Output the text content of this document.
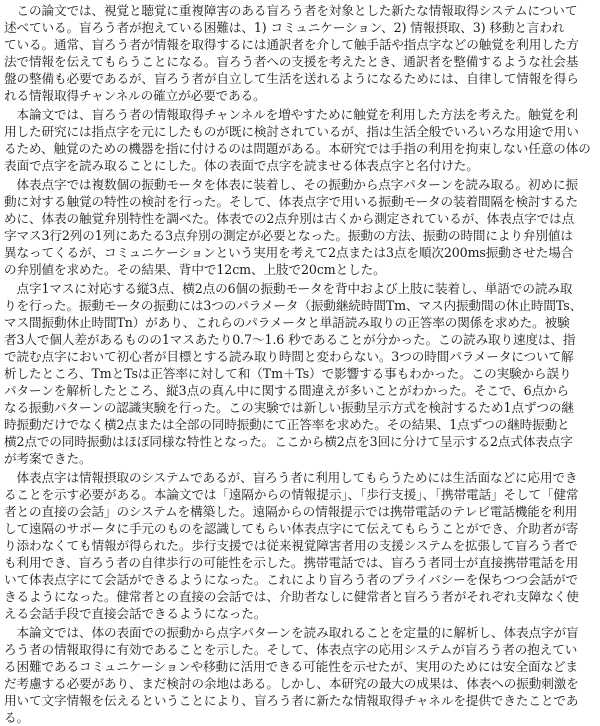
　この論文では、視覚と聴覚に重複障害のある盲ろう者を対象とした新たな情報取得システムについて
述べている。盲ろう者が抱えている困難は、1) コミュニケーション、2) 情報摂取、3) 移動と言われ
ている。通常、盲ろう者が情報を取得するには通訳者を介して触手話や指点字などの触覚を利用した方
法で情報を伝えてもらうことになる。盲ろう者への支援を考えたとき、通訳者を整備するような社会基
盤の整備も必要であるが、盲ろう者が自立して生活を送れるようになるためには、自律して情報を得ら
れる情報取得チャンネルの確立が必要である。
　本論文では、盲ろう者の情報取得チャンネルを増やすために触覚を利用した方法を考えた。触覚を利
用した研究には指点字を元にしたものが既に検討されているが、指は生活全般でいろいろな用途で用い
るため、触覚のための機器を指に付けるのは問題がある。本研究では手指の利用を拘束しない任意の体の
表面で点字を読み取ることにした。体の表面で点字を読ませる体表点字と名付けた。
　体表点字では複数個の振動モータを体表に装着し、その振動から点字パターンを読み取る。初めに振
動に対する触覚の特性の検討を行った。そして、体表点字で用いる振動モータの装着間隔を検討するた
めに、体表の触覚弁別特性を調べた。体表での2点弁別は古くから測定されているが、体表点字では点
字マス3行2列の1列にあたる3点弁別の測定が必要となった。振動の方法、振動の時間により弁別値は
異なってくるが、コミュニケーションという実用を考えて2点または3点を順次200ms振動させた場合
の弁別値を求めた。その結果、背中で12cm、上肢で20cmとした。
　点字1マスに対応する縦3点、横2点の6個の振動モータを背中および上肢に装着し、単語での読み取
りを行った。振動モータの振動には3つのパラメータ（振動継続時間Tm、マス内振動間の休止時間Ts、
マス間振動休止時間Tn）があり、これらのパラメータと単語読み取りの正答率の関係を求めた。被験
者3人で個人差があるものの1マスあたり0.7〜1.6 秒であることが分かった。この読み取り速度は、指
で読む点字において初心者が目標とする読み取り時間と変わらない。3つの時間パラメータについて解
析したところ、TmとTsは正答率に対して和（Tm＋Ts）で影響する事もわかった。この実験から誤り
パターンを解析したところ、縦3点の真ん中に関する間違えが多いことがわかった。そこで、6点から
なる振動パターンの認識実験を行った。この実験では新しい振動呈示方式を検討するため1点ずつの継
時振動だけでなく横2点または全部の同時振動にて正答率を求めた。その結果、1点ずつの継時振動と
横2点での同時振動はほぼ同様な特性となった。ここから横2点を3回に分けて呈示する2点式体表点字
が考案できた。
　体表点字は情報摂取のシステムであるが、盲ろう者に利用してもらうためには生活面などに応用でき
ることを示す必要がある。本論文では「遠隔からの情報提示」、「歩行支援」、「携帯電話」そして「健常
者との直接の会話」のシステムを構築した。遠隔からの情報提示では携帯電話のテレビ電話機能を利用
して遠隔のサポータに手元のものを認識してもらい体表点字にて伝えてもらうことができ、介助者が寄
り添わなくても情報が得られた。歩行支援では従来視覚障害者用の支援システムを拡張して盲ろう者で
も利用でき、盲ろう者の自律歩行の可能性を示した。携帯電話では、盲ろう者同士が直接携帯電話を用
いて体表点字にて会話ができるようになった。これにより盲ろう者のプライバシーを保ちつつ会話がで
きるようになった。健常者との直接の会話では、介助者なしに健常者と盲ろう者がそれぞれ支障なく使
える会話手段で直接会話できるようになった。
　本論文では、体の表面での振動から点字パターンを読み取れることを定量的に解析し、体表点字が盲
ろう者の情報取得に有効であることを示した。そして、体表点字の応用システムが盲ろう者の抱えてい
る困難であるコミュニケーションや移動に活用できる可能性を示せたが、実用のためには安全面などま
だ考慮する必要があり、まだ検討の余地はある。しかし、本研究の最大の成果は、体表への振動刺激を
用いて文字情報を伝えるということにより、盲ろう者に新たな情報取得チャネルを提供できたことであ
る。
